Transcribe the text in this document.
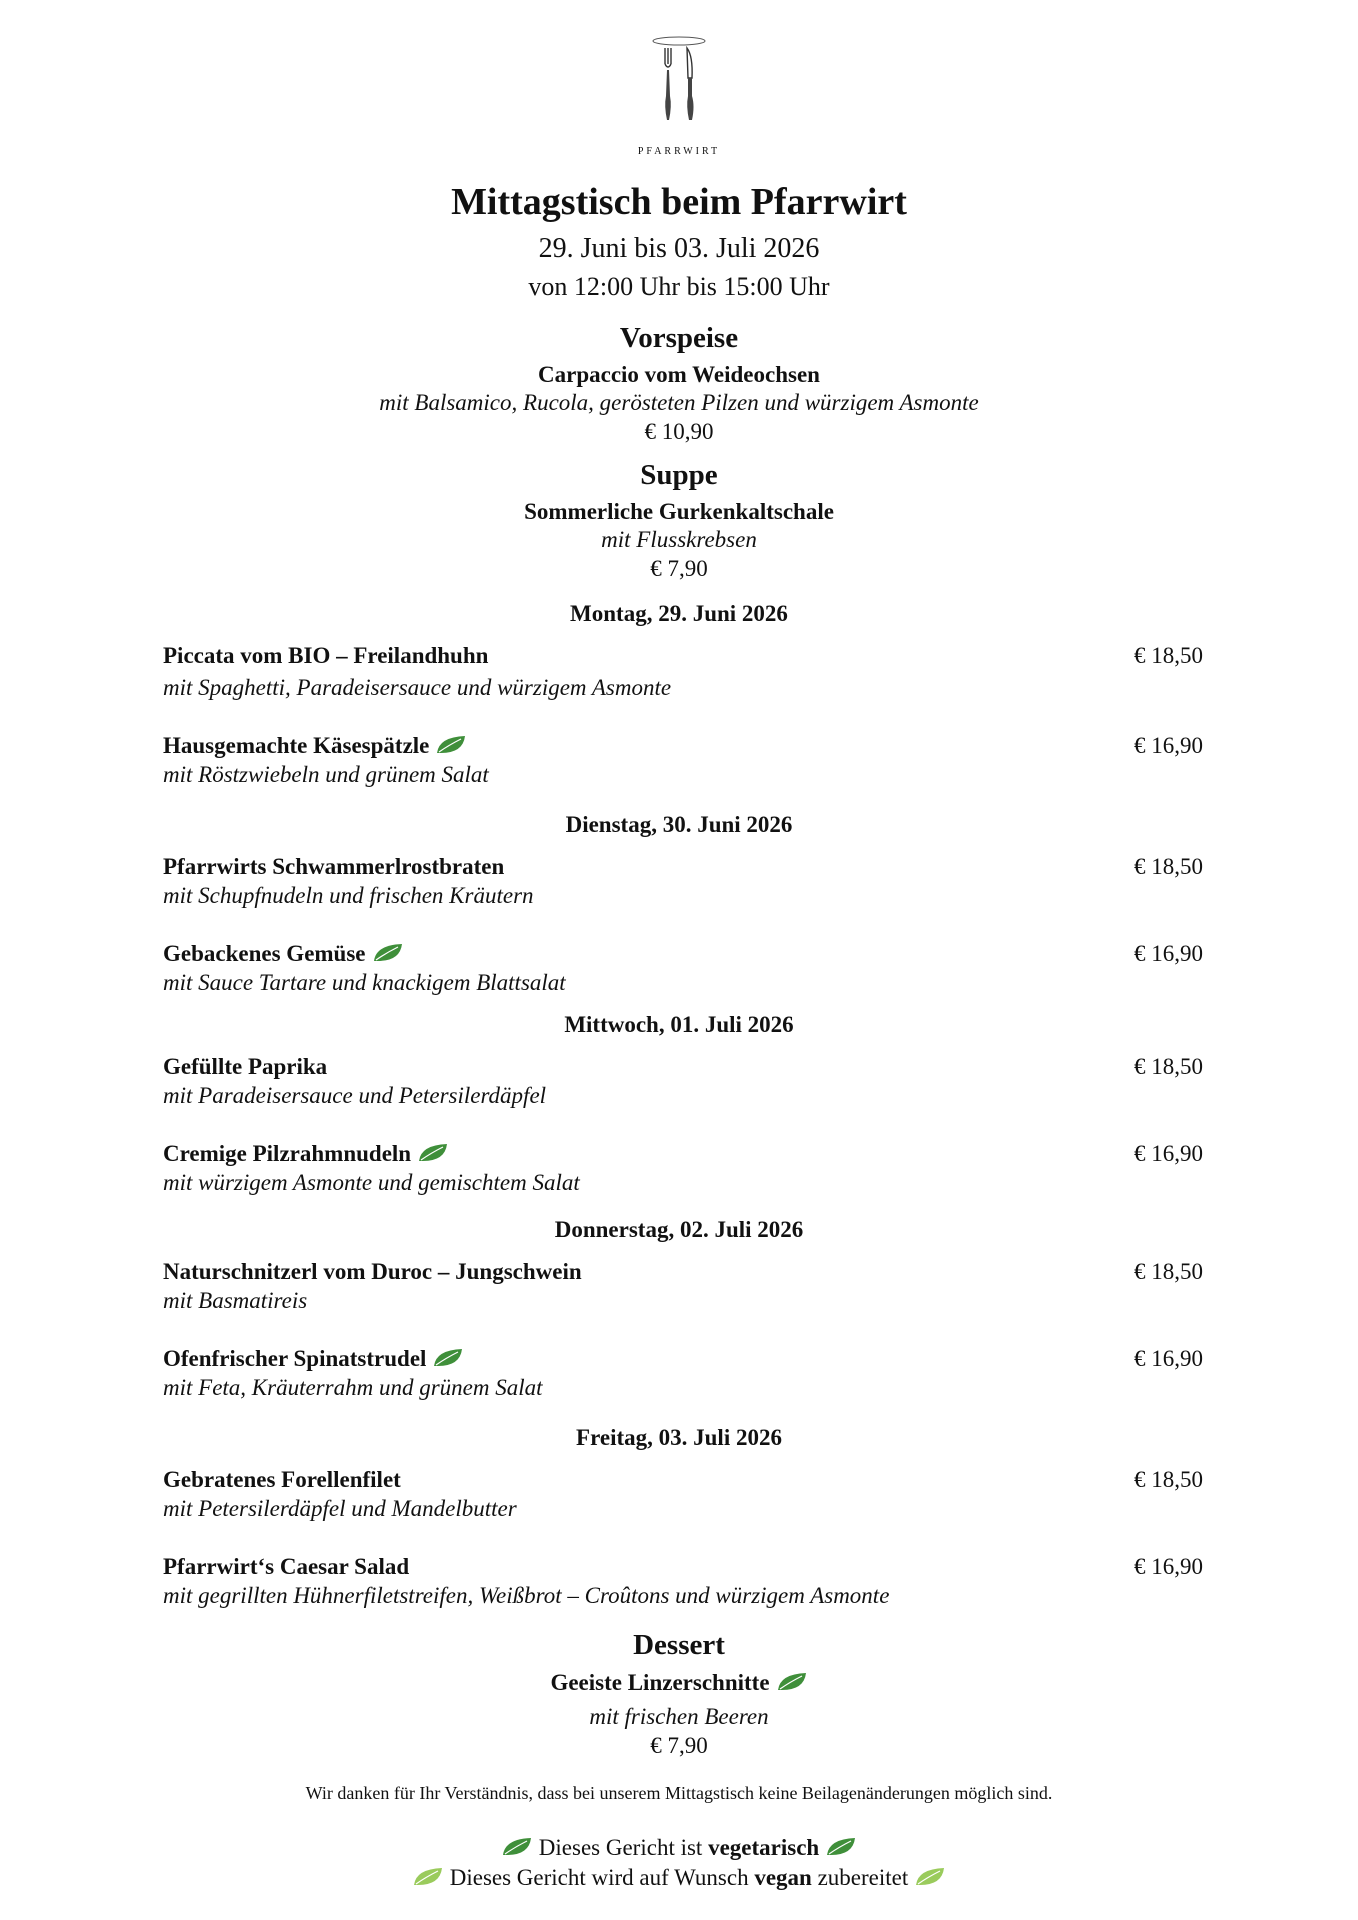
PFARRWIRT
Mittagstisch beim Pfarrwirt
29. Juni bis 03. Juli 2026
von 12:00 Uhr bis 15:00 Uhr
Vorspeise
Carpaccio vom Weideochsen
mit Balsamico, Rucola, gerösteten Pilzen und würzigem Asmonte
€ 10,90
Suppe
Sommerliche Gurkenkaltschale
mit Flusskrebsen
€ 7,90
Montag, 29. Juni 2026
Piccata vom BIO – Freilandhuhn
mit Spaghetti, Paradeisersauce und würzigem Asmonte
€ 18,50
Hausgemachte Käsespätzle
mit Röstzwiebeln und grünem Salat
€ 16,90
Dienstag, 30. Juni 2026
Pfarrwirts Schwammerlrostbraten
mit Schupfnudeln und frischen Kräutern
€ 18,50
Gebackenes Gemüse
mit Sauce Tartare und knackigem Blattsalat
€ 16,90
Mittwoch, 01. Juli 2026
Gefüllte Paprika
mit Paradeisersauce und Petersilerdäpfel
€ 18,50
Cremige Pilzrahmnudeln
mit würzigem Asmonte und gemischtem Salat
€ 16,90
Donnerstag, 02. Juli 2026
Naturschnitzerl vom Duroc – Jungschwein
mit Basmatireis
€ 18,50
Ofenfrischer Spinatstrudel
mit Feta, Kräuterrahm und grünem Salat
€ 16,90
Freitag, 03. Juli 2026
Gebratenes Forellenfilet
mit Petersilerdäpfel und Mandelbutter
€ 18,50
Pfarrwirt‘s Caesar Salad
mit gegrillten Hühnerfiletstreifen, Weißbrot – Croûtons und würzigem Asmonte
€ 16,90
Dessert
Geeiste Linzerschnitte
mit frischen Beeren
€ 7,90
Wir danken für Ihr Verständnis, dass bei unserem Mittagstisch keine Beilagenänderungen möglich sind.
Dieses Gericht ist vegetarisch
Dieses Gericht wird auf Wunsch vegan zubereitet
